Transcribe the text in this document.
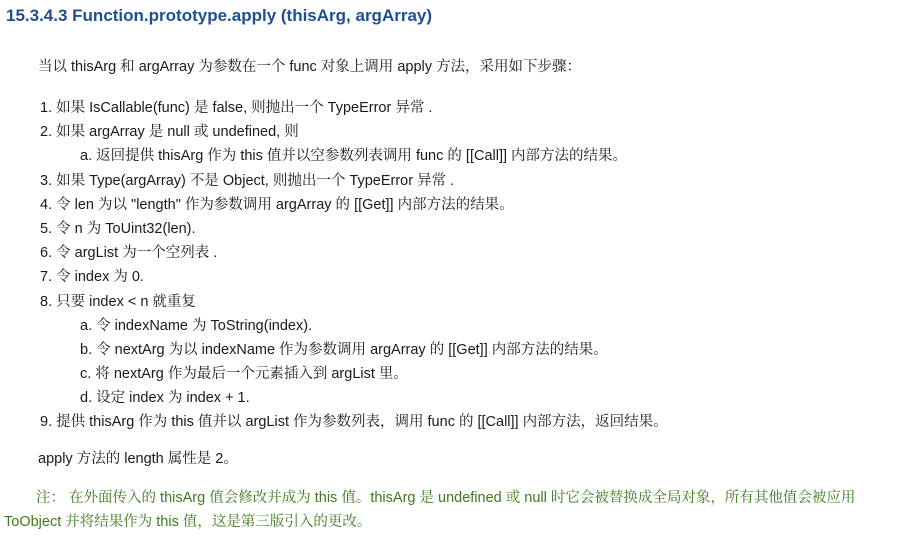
15.3.4.3 Function.prototype.apply (thisArg, argArray)
当以 thisArg 和 argArray 为参数在一个 func 对象上调用 apply 方法，采用如下步骤：
1. 如果 IsCallable(func) 是 false, 则抛出一个 TypeError 异常 .
2. 如果 argArray 是 null 或 undefined, 则
a. 返回提供 thisArg 作为 this 值并以空参数列表调用 func 的 [[Call]] 内部方法的结果。
3. 如果 Type(argArray) 不是 Object, 则抛出一个 TypeError 异常 .
4. 令 len 为以 "length" 作为参数调用 argArray 的 [[Get]] 内部方法的结果。
5. 令 n 为 ToUint32(len).
6. 令 argList 为一个空列表 .
7. 令 index 为 0.
8. 只要 index < n 就重复
a. 令 indexName 为 ToString(index).
b. 令 nextArg 为以 indexName 作为参数调用 argArray 的 [[Get]] 内部方法的结果。
c. 将 nextArg 作为最后一个元素插入到 argList 里。
d. 设定 index 为 index + 1.
9. 提供 thisArg 作为 this 值并以 argList 作为参数列表，调用 func 的 [[Call]] 内部方法，返回结果。
apply 方法的 length 属性是 2。
注： 在外面传入的 thisArg 值会修改并成为 this 值。thisArg 是 undefined 或 null 时它会被替换成全局对象，所有其他值会被应用 ToObject 并将结果作为 this 值，这是第三版引入的更改。
